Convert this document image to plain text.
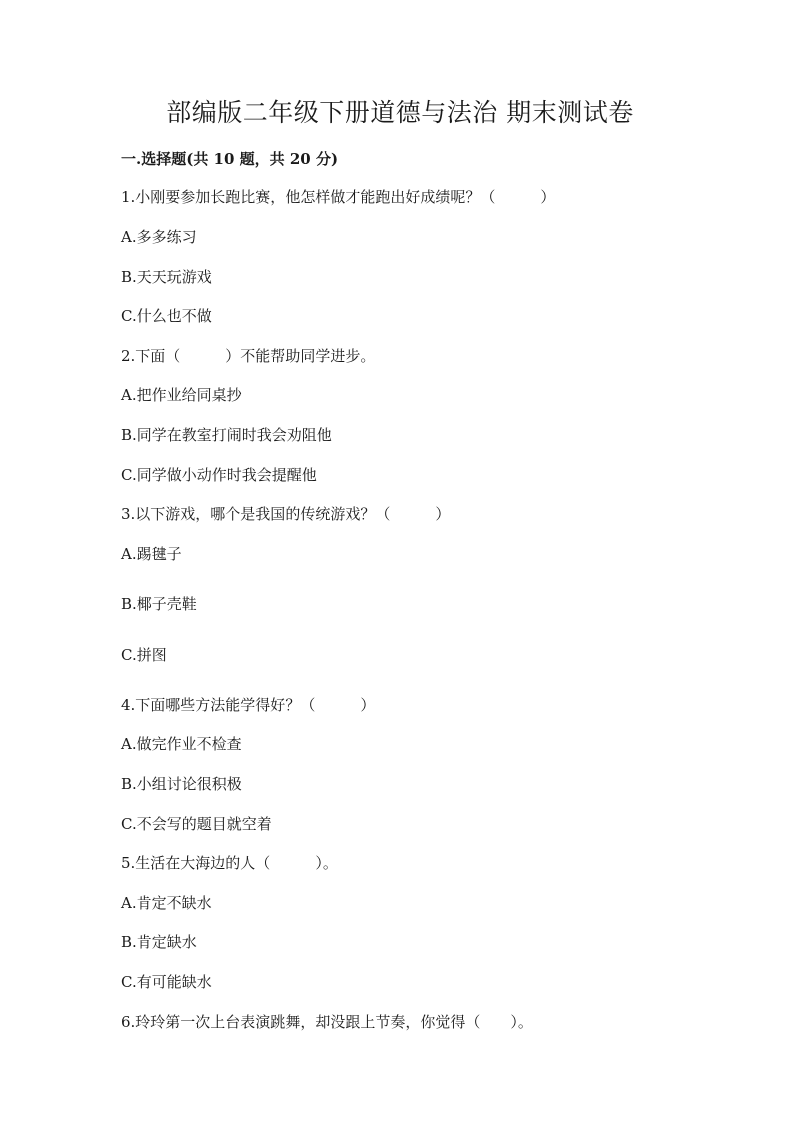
部编版二年级下册道德与法治 期末测试卷
一.选择题(共 10 题，共 20 分)
1.小刚要参加长跑比赛，他怎样做才能跑出好成绩呢？（　　　）
A.多多练习
B.天天玩游戏
C.什么也不做
2.下面（　　　）不能帮助同学进步。
A.把作业给同桌抄
B.同学在教室打闹时我会劝阻他
C.同学做小动作时我会提醒他
3.以下游戏，哪个是我国的传统游戏？（　　　）
A.踢毽子
B.椰子壳鞋
C.拼图
4.下面哪些方法能学得好？（　　　）
A.做完作业不检查
B.小组讨论很积极
C.不会写的题目就空着
5.生活在大海边的人（　　　）。
A.肯定不缺水
B.肯定缺水
C.有可能缺水
6.玲玲第一次上台表演跳舞，却没跟上节奏，你觉得（　　）。
